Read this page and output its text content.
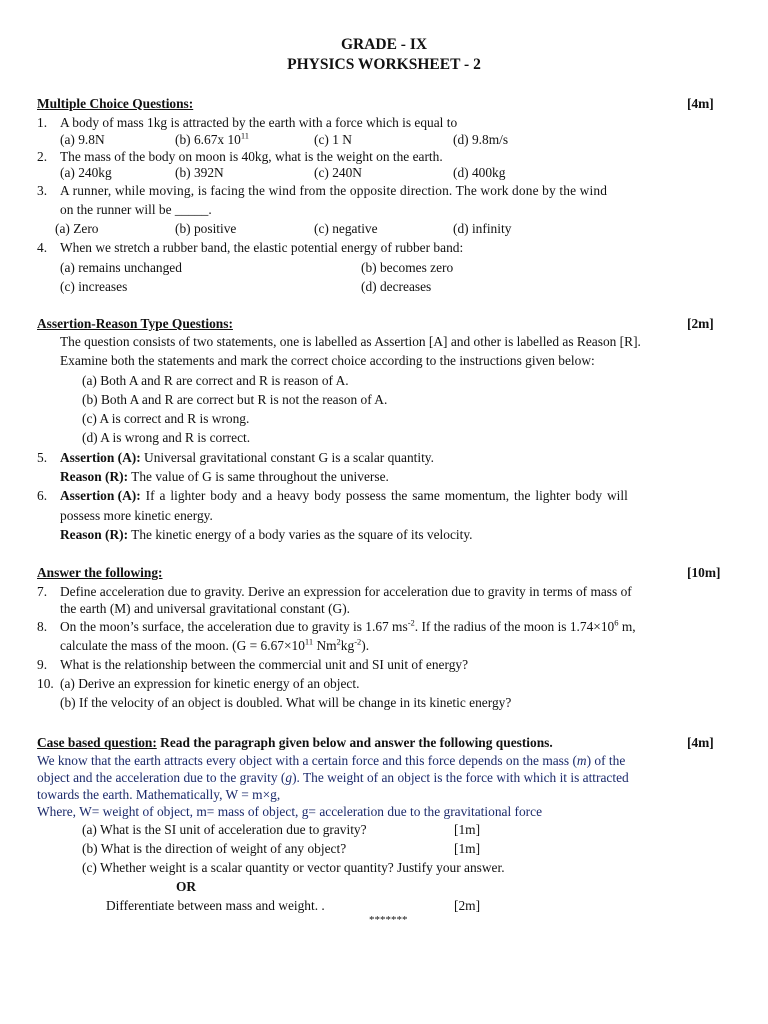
GRADE - IX
PHYSICS WORKSHEET - 2
Multiple Choice Questions:	[4m]
1. A body of mass 1kg is attracted by the earth with a force which is equal to
(a) 9.8N	(b) 6.67x $10^{11}$	(c) 1 N	(d) 9.8m/s
2. The mass of the body on moon is 40kg, what is the weight on the earth.
(a) 240kg	(b) 392N	(c) 240N	(d) 400kg
3. A runner, while moving, is facing the wind from the opposite direction. The work done by the wind
on the runner will be _____.
(a) Zero	(b) positive	(c) negative	(d) infinity
4. When we stretch a rubber band, the elastic potential energy of rubber band:
(a) remains unchanged	(b) becomes zero
(c) increases	(d) decreases
Assertion-Reason Type Questions:	[2m]
The question consists of two statements, one is labelled as Assertion [A] and other is labelled as Reason [R].
Examine both the statements and mark the correct choice according to the instructions given below:
(a) Both A and R are correct and R is reason of A.
(b) Both A and R are correct but R is not the reason of A.
(c) A is correct and R is wrong.
(d) A is wrong and R is correct.
5. Assertion (A): Universal gravitational constant G is a scalar quantity.
Reason (R): The value of G is same throughout the universe.
6. Assertion (A): If a lighter body and a heavy body possess the same momentum, the lighter body will
possess more kinetic energy.
Reason (R): The kinetic energy of a body varies as the square of its velocity.
Answer the following:	[10m]
7. Define acceleration due to gravity. Derive an expression for acceleration due to gravity in terms of mass of
the earth (M) and universal gravitational constant (G).
8. On the moon’s surface, the acceleration due to gravity is 1.67 $ms^{-2}$. If the radius of the moon is $1.74\times 10^6$ m,
calculate the mass of the moon. ($G = 6.67\times 10^{11}$ $Nm^2kg^{-2}$).
9. What is the relationship between the commercial unit and SI unit of energy?
10. (a) Derive an expression for kinetic energy of an object.
(b) If the velocity of an object is doubled. What will be change in its kinetic energy?
Case based question: Read the paragraph given below and answer the following questions.	[4m]
We know that the earth attracts every object with a certain force and this force depends on the mass (m) of the
object and the acceleration due to the gravity (g). The weight of an object is the force with which it is attracted
towards the earth. Mathematically, W = m×g,
Where, W= weight of object, m= mass of object, g= acceleration due to the gravitational force
(a) What is the SI unit of acceleration due to gravity?	[1m]
(b) What is the direction of weight of any object?	[1m]
(c) Whether weight is a scalar quantity or vector quantity? Justify your answer.
OR
Differentiate between mass and weight. .	[2m]
*******
